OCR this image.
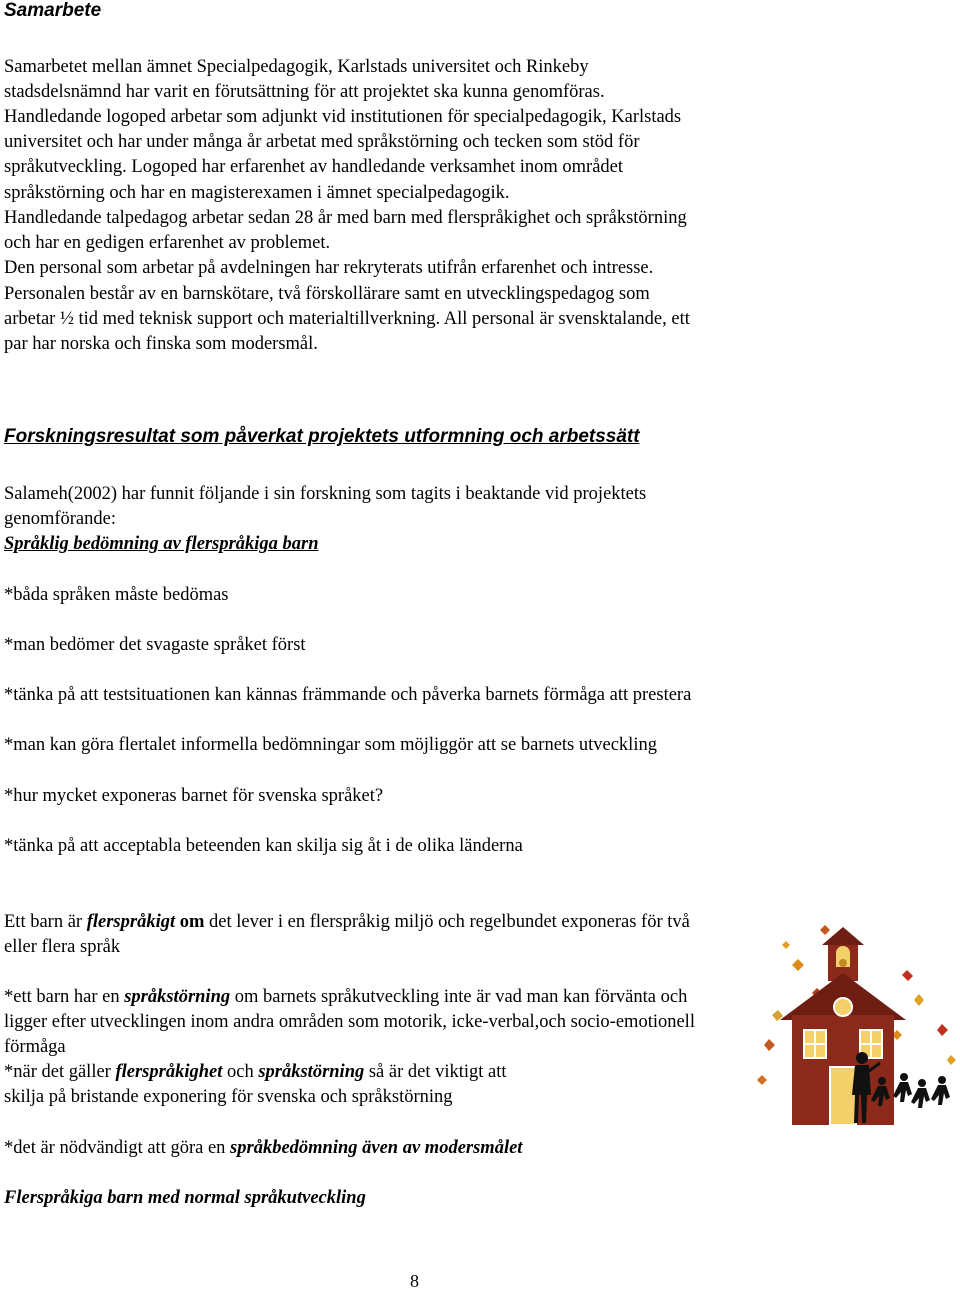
Samarbete

Samarbetet mellan ämnet Specialpedagogik, Karlstads universitet och Rinkeby

stadsdelsnämnd har varit en förutsättning för att projektet ska kunna genomföras.

Handledande logoped arbetar som adjunkt vid institutionen för specialpedagogik, Karlstads

universitet och har under många år arbetat med språkstörning och tecken som stöd för

språkutveckling. Logoped har erfarenhet av handledande verksamhet inom området

språkstörning och har en magisterexamen i ämnet specialpedagogik.

Handledande talpedagog arbetar sedan 28 år med barn med flerspråkighet och språkstörning

och har en gedigen erfarenhet av problemet.

Den personal som arbetar på avdelningen har rekryterats utifrån erfarenhet och intresse.

Personalen består av en barnskötare, två förskollärare samt en utvecklingspedagog som

arbetar ½ tid med teknisk support och materialtillverkning. All personal är svensktalande, ett

par har norska och finska som modersmål.

Forskningsresultat som påverkat projektets utformning och arbetssätt

Salameh(2002) har funnit följande i sin forskning som tagits i beaktande vid projektets

genomförande:

Språklig bedömning av flerspråkiga barn

*båda språken måste bedömas

*man bedömer det svagaste språket först

*tänka på att testsituationen kan kännas främmande och påverka barnets förmåga att prestera

*man kan göra flertalet informella bedömningar som möjliggör att se barnets utveckling

*hur mycket exponeras barnet för svenska språket?

*tänka på att acceptabla beteenden kan skilja sig åt i de olika länderna

Ett barn är flerspråkigt om det lever i en flerspråkig miljö och regelbundet exponeras för två

eller flera språk

*ett barn har en språkstörning om barnets språkutveckling inte är vad man kan förvänta och

ligger efter utvecklingen inom andra områden som motorik, icke-verbal,och socio-emotionell

förmåga

*när det gäller flerspråkighet och språkstörning så är det viktigt att

skilja på bristande exponering för svenska och språkstörning

*det är nödvändigt att göra en språkbedömning även av modersmålet

Flerspråkiga barn med normal språkutveckling

8
